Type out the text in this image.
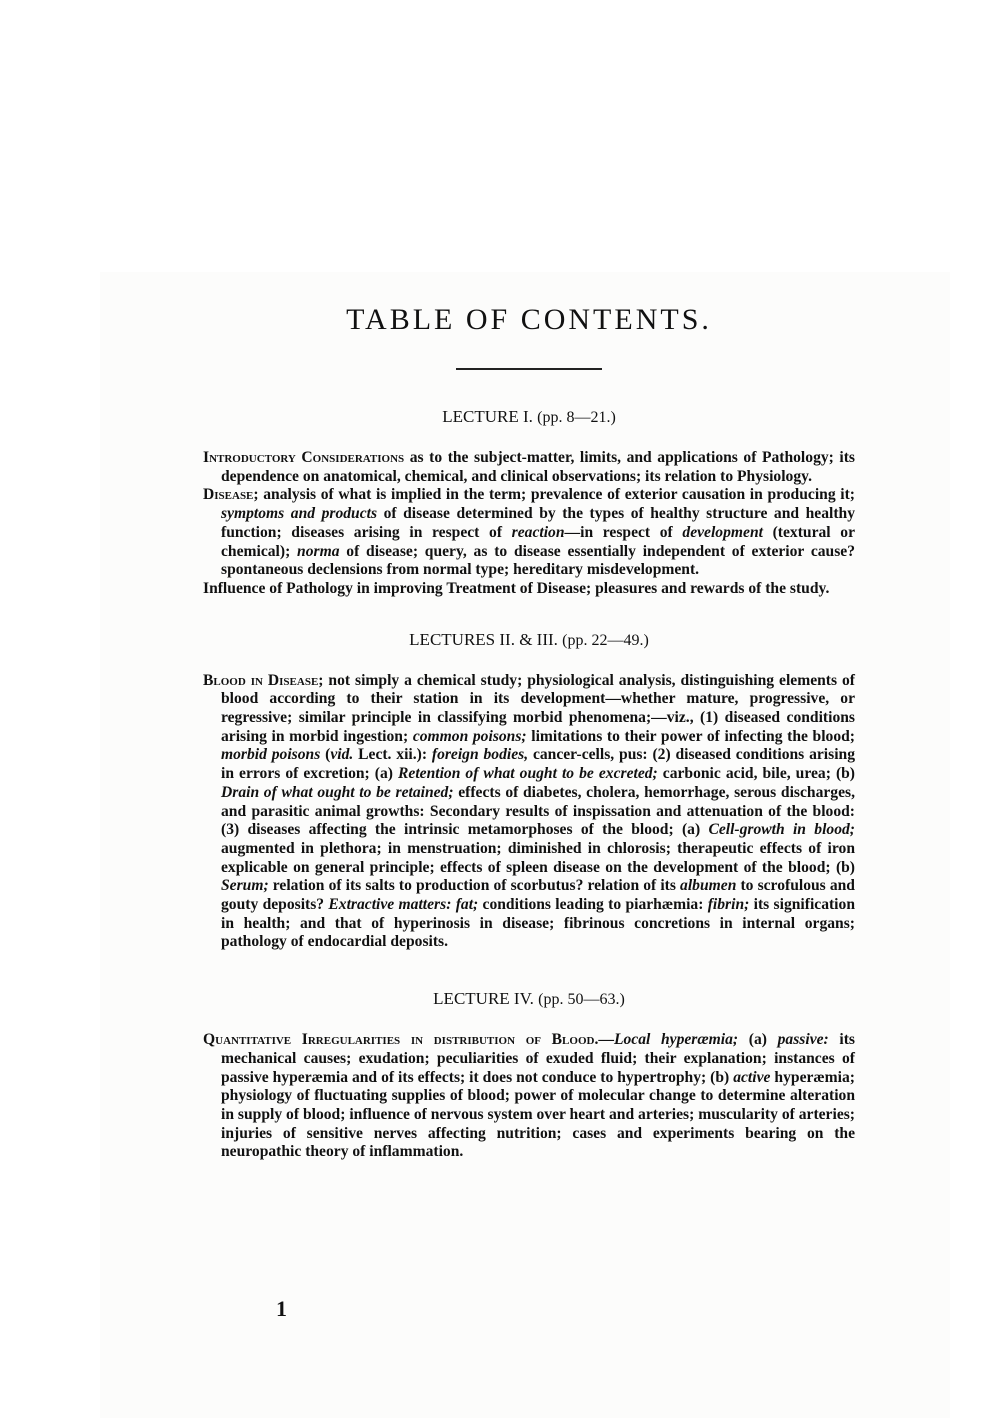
TABLE OF CONTENTS.

LECTURE I. (pp. 8—21.)

Introductory Considerations as to the subject-matter, limits, and applications of Pathology; its dependence on anatomical, chemical, and clinical observations; its relation to Physiology.

Disease; analysis of what is implied in the term; prevalence of exterior causation in producing it; symptoms and products of disease determined by the types of healthy structure and healthy function; diseases arising in respect of reaction—in respect of development (textural or chemical); norma of disease; query, as to disease essentially independent of exterior cause? spontaneous declensions from normal type; hereditary misdevelopment.

Influence of Pathology in improving Treatment of Disease; pleasures and rewards of the study.

LECTURES II. & III. (pp. 22—49.)

Blood in Disease; not simply a chemical study; physiological analysis, distinguishing elements of blood according to their station in its development—whether mature, progressive, or regressive; similar principle in classifying morbid phenomena;—viz., (1) diseased conditions arising in morbid ingestion; common poisons; limitations to their power of infecting the blood; morbid poisons (vid. Lect. xii.): foreign bodies, cancer-cells, pus: (2) diseased conditions arising in errors of excretion; (a) Retention of what ought to be excreted; carbonic acid, bile, urea; (b) Drain of what ought to be retained; effects of diabetes, cholera, hemorrhage, serous discharges, and parasitic animal growths: Secondary results of inspissation and attenuation of the blood: (3) diseases affecting the intrinsic metamorphoses of the blood; (a) Cell-growth in blood; augmented in plethora; in menstruation; diminished in chlorosis; therapeutic effects of iron explicable on general principle; effects of spleen disease on the development of the blood; (b) Serum; relation of its salts to production of scorbutus? relation of its albumen to scrofulous and gouty deposits? Extractive matters: fat; conditions leading to piarhæmia: fibrin; its signification in health; and that of hyperinosis in disease; fibrinous concretions in internal organs; pathology of endocardial deposits.

LECTURE IV. (pp. 50—63.)

Quantitative Irregularities in distribution of Blood.—Local hyperæmia; (a) passive: its mechanical causes; exudation; peculiarities of exuded fluid; their explanation; instances of passive hyperæmia and of its effects; it does not conduce to hypertrophy; (b) active hyperæmia; physiology of fluctuating supplies of blood; power of molecular change to determine alteration in supply of blood; influence of nervous system over heart and arteries; muscularity of arteries; injuries of sensitive nerves affecting nutrition; cases and experiments bearing on the neuropathic theory of inflammation.

1
